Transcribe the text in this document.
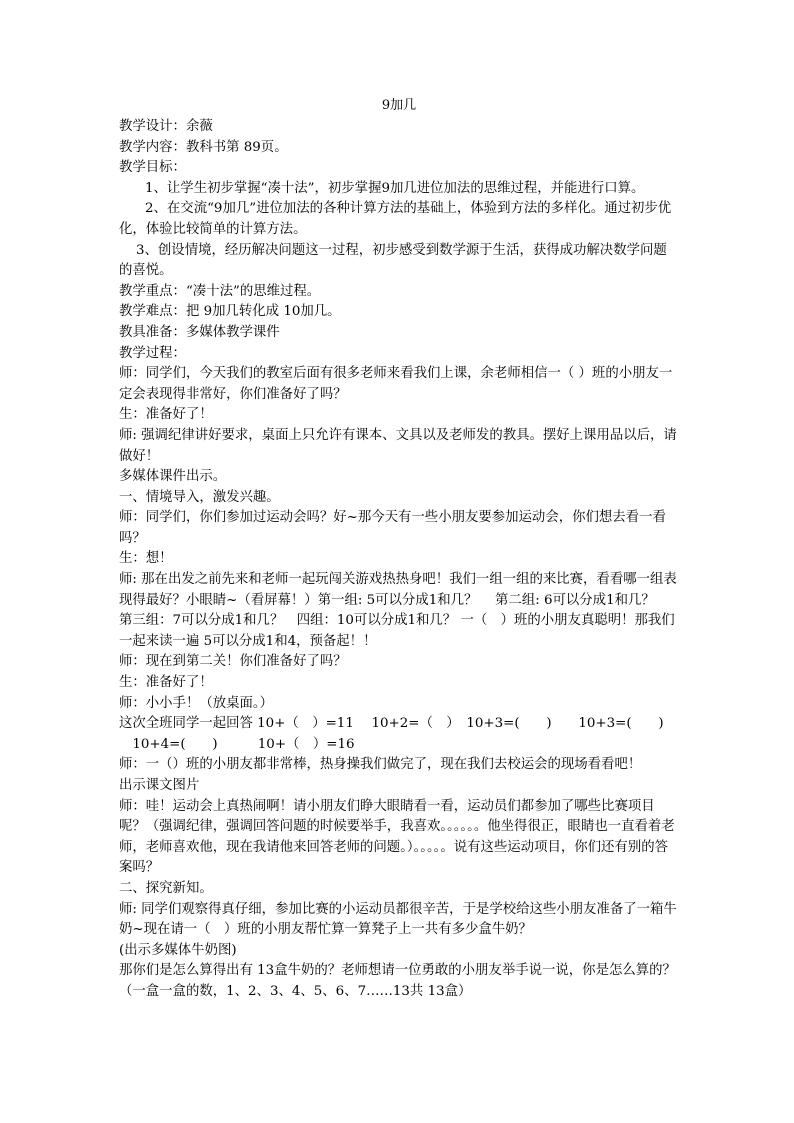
9加几

教学设计：余薇

教学内容：教科书第 89页。

教学目标：

1、让学生初步掌握“凑十法”，初步掌握9加几进位加法的思维过程，并能进行口算。

2、在交流“9加几”进位加法的各种计算方法的基础上，体验到方法的多样化。通过初步优化，体验比较简单的计算方法。

3、创设情境，经历解决问题这一过程，初步感受到数学源于生活，获得成功解决数学问题的喜悦。

教学重点：“凑十法”的思维过程。

教学难点：把 9加几转化成 10加几。

教具准备：多媒体教学课件

教学过程：

师：同学们，今天我们的教室后面有很多老师来看我们上课，余老师相信一（ ）班的小朋友一定会表现得非常好，你们准备好了吗？

生：准备好了！

师: 强调纪律讲好要求，桌面上只允许有课本、文具以及老师发的教具。摆好上课用品以后，请做好！

多媒体课件出示。

一、情境导入，激发兴趣。

师：同学们，你们参加过运动会吗？好~那今天有一些小朋友要参加运动会，你们想去看一看吗？

生：想！

师: 那在出发之前先来和老师一起玩闯关游戏热热身吧！我们一组一组的来比赛，看看哪一组表现得最好？小眼睛~（看屏幕！）第一组: 5可以分成1和几？　 第二组: 6可以分成1和几？　　　第三组：7可以分成1和几？　四组：10可以分成1和几？ 一（　）班的小朋友真聪明！那我们一起来读一遍 5可以分成1和4，预备起！！

师：现在到第二关！你们准备好了吗？

生：准备好了！

师：小小手！（放桌面。）

这次全班同学一起回答 10+（　）=11　 10+2=（　）　10+3=(　　)　　10+3=(　　)

　10+4=(　　)　　　10+（　）=16

师：一（）班的小朋友都非常棒，热身操我们做完了，现在我们去校运会的现场看看吧！

出示课文图片

师：哇！运动会上真热闹啊！请小朋友们睁大眼睛看一看，运动员们都参加了哪些比赛项目呢？（强调纪律，强调回答问题的时候要举手，我喜欢。。。。。。他坐得很正，眼睛也一直看着老师，老师喜欢他，现在我请他来回答老师的问题。）。。。。。说有这些运动项目，你们还有别的答案吗？

二、探究新知。

师: 同学们观察得真仔细，参加比赛的小运动员都很辛苦，于是学校给这些小朋友准备了一箱牛奶~现在请一（　）班的小朋友帮忙算一算凳子上一共有多少盒牛奶？

(出示多媒体牛奶图)

那你们是怎么算得出有 13盒牛奶的？老师想请一位勇敢的小朋友举手说一说，你是怎么算的？（一盒一盒的数，1、2、3、4、5、6、7……13共 13盒）
